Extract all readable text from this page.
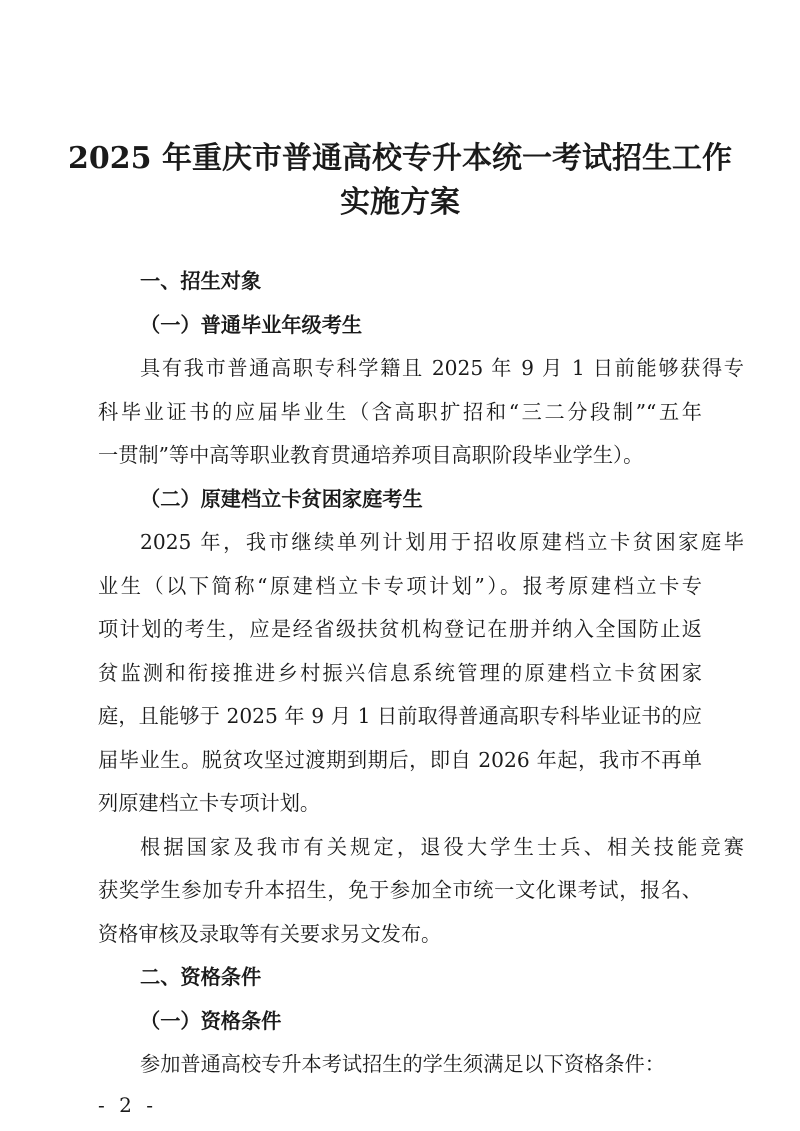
2025 年重庆市普通高校专升本统一考试招生工作
实施方案
一、招生对象
（一）普通毕业年级考生
具有我市普通高职专科学籍且 2025 年 9 月 1 日前能够获得专
科毕业证书的应届毕业生（含高职扩招和“三二分段制”“五年
一贯制”等中高等职业教育贯通培养项目高职阶段毕业学生）。
（二）原建档立卡贫困家庭考生
2025 年，我市继续单列计划用于招收原建档立卡贫困家庭毕
业生（以下简称“原建档立卡专项计划”）。报考原建档立卡专
项计划的考生，应是经省级扶贫机构登记在册并纳入全国防止返
贫监测和衔接推进乡村振兴信息系统管理的原建档立卡贫困家
庭，且能够于 2025 年 9 月 1 日前取得普通高职专科毕业证书的应
届毕业生。脱贫攻坚过渡期到期后，即自 2026 年起，我市不再单
列原建档立卡专项计划。
根据国家及我市有关规定，退役大学生士兵、相关技能竞赛
获奖学生参加专升本招生，免于参加全市统一文化课考试，报名、
资格审核及录取等有关要求另文发布。
二、资格条件
（一）资格条件
参加普通高校专升本考试招生的学生须满足以下资格条件：
- 2 -
